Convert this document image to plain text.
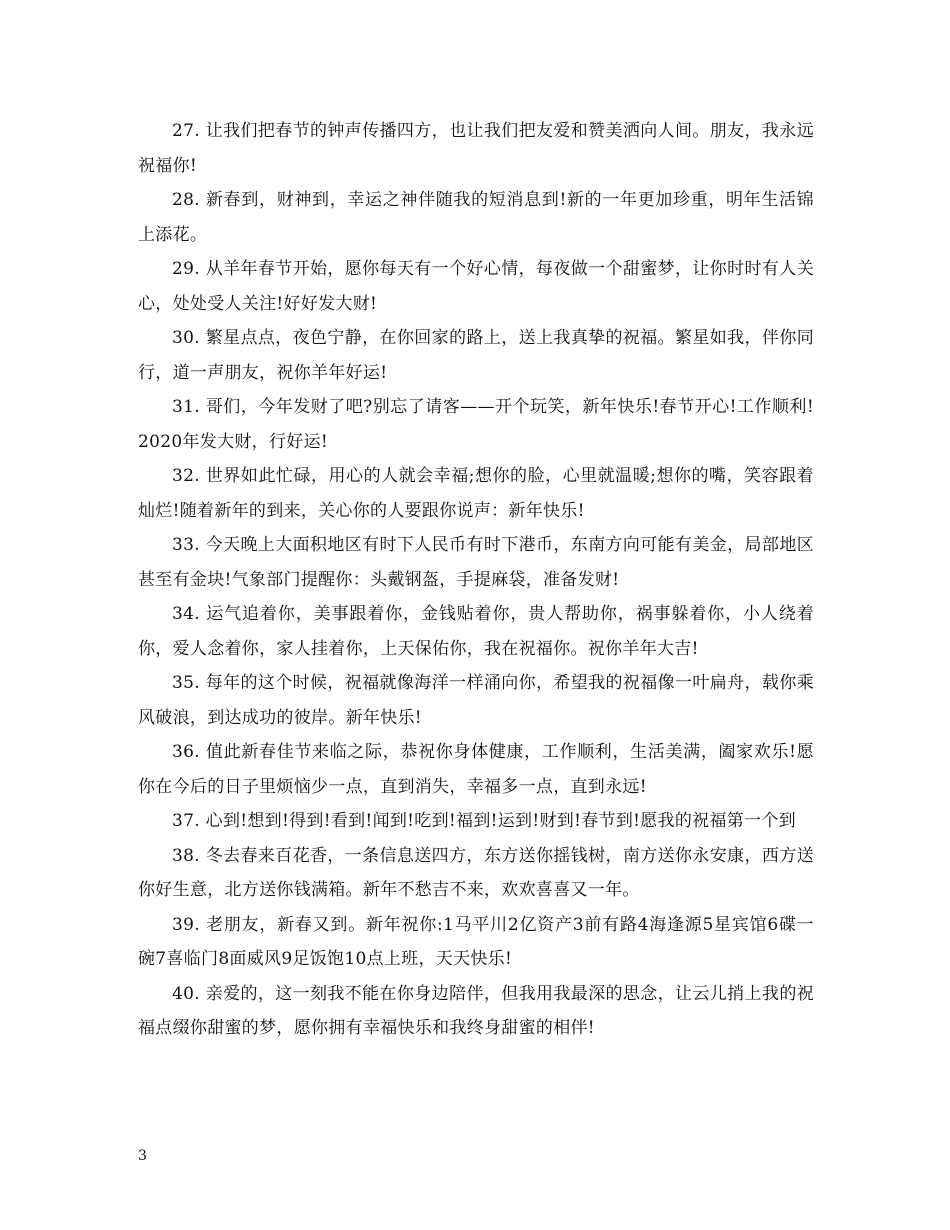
27. 让我们把春节的钟声传播四方，也让我们把友爱和赞美洒向人间。朋友，我永远祝福你!

28. 新春到，财神到，幸运之神伴随我的短消息到!新的一年更加珍重，明年生活锦上添花。

29. 从羊年春节开始，愿你每天有一个好心情，每夜做一个甜蜜梦，让你时时有人关心，处处受人关注!好好发大财!

30. 繁星点点，夜色宁静，在你回家的路上，送上我真挚的祝福。繁星如我，伴你同行，道一声朋友，祝你羊年好运!

31. 哥们，今年发财了吧?别忘了请客——开个玩笑，新年快乐!春节开心!工作顺利!2020年发大财，行好运!

32. 世界如此忙碌，用心的人就会幸福;想你的脸，心里就温暖;想你的嘴，笑容跟着灿烂!随着新年的到来，关心你的人要跟你说声：新年快乐!

33. 今天晚上大面积地区有时下人民币有时下港币，东南方向可能有美金，局部地区甚至有金块!气象部门提醒你：头戴钢盔，手提麻袋，准备发财!

34. 运气追着你，美事跟着你，金钱贴着你，贵人帮助你，祸事躲着你，小人绕着你，爱人念着你，家人挂着你，上天保佑你，我在祝福你。祝你羊年大吉!

35. 每年的这个时候，祝福就像海洋一样涌向你，希望我的祝福像一叶扁舟，载你乘风破浪，到达成功的彼岸。新年快乐!

36. 值此新春佳节来临之际，恭祝你身体健康，工作顺利，生活美满，阖家欢乐!愿你在今后的日子里烦恼少一点，直到消失，幸福多一点，直到永远!

37. 心到!想到!得到!看到!闻到!吃到!福到!运到!财到!春节到!愿我的祝福第一个到

38. 冬去春来百花香，一条信息送四方，东方送你摇钱树，南方送你永安康，西方送你好生意，北方送你钱满箱。新年不愁吉不来，欢欢喜喜又一年。

39. 老朋友，新春又到。新年祝你:1马平川2亿资产3前有路4海逢源5星宾馆6碟一碗7喜临门8面威风9足饭饱10点上班，天天快乐!

40. 亲爱的，这一刻我不能在你身边陪伴，但我用我最深的思念，让云儿捎上我的祝福点缀你甜蜜的梦，愿你拥有幸福快乐和我终身甜蜜的相伴!

3
